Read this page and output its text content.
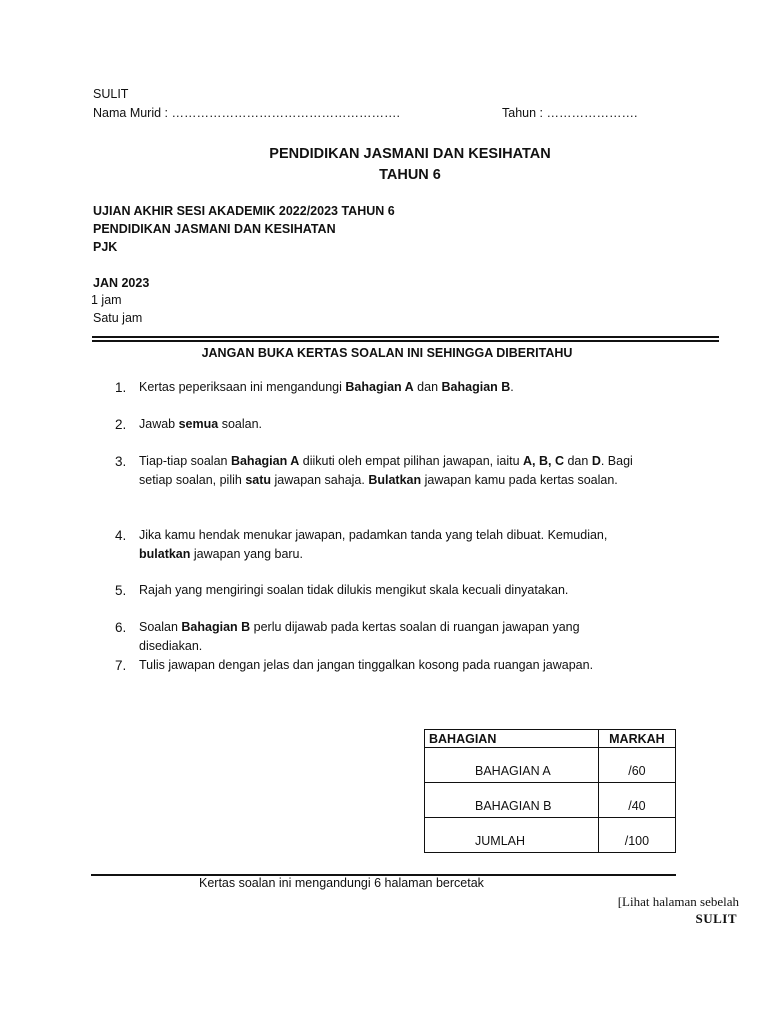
SULIT
Nama Murid : ……………………………………………….	Tahun : ………………….
PENDIDIKAN JASMANI DAN KESIHATAN
TAHUN 6
UJIAN AKHIR SESI AKADEMIK 2022/2023 TAHUN 6
PENDIDIKAN JASMANI DAN KESIHATAN
PJK
JAN 2023
1 jam
Satu jam
JANGAN BUKA KERTAS SOALAN INI SEHINGGA DIBERITAHU
1. Kertas peperiksaan ini mengandungi Bahagian A dan Bahagian B.
2. Jawab semua soalan.
3. Tiap-tiap soalan Bahagian A diikuti oleh empat pilihan jawapan, iaitu A, B, C dan D. Bagi setiap soalan, pilih satu jawapan sahaja. Bulatkan jawapan kamu pada kertas soalan.
4. Jika kamu hendak menukar jawapan, padamkan tanda yang telah dibuat. Kemudian, bulatkan jawapan yang baru.
5. Rajah yang mengiringi soalan tidak dilukis mengikut skala kecuali dinyatakan.
6. Soalan Bahagian B perlu dijawab pada kertas soalan di ruangan jawapan yang disediakan.
7. Tulis jawapan dengan jelas dan jangan tinggalkan kosong pada ruangan jawapan.
BAHAGIAN	MARKAH
BAHAGIAN A	/60
BAHAGIAN B	/40
JUMLAH	/100
Kertas soalan ini mengandungi 6 halaman bercetak
[Lihat halaman sebelah
SULIT
